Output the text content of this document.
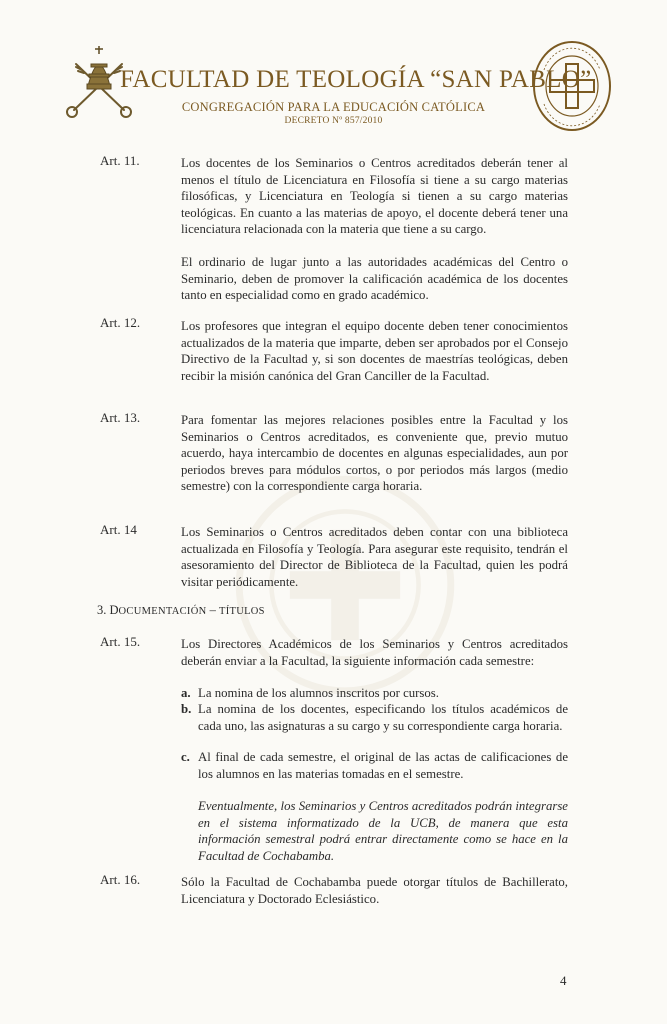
FACULTAD DE TEOLOGÍA “SAN PABLO”
CONGREGACIÓN PARA LA EDUCACIÓN CATÓLICA
DECRETO Nº 857/2010
Art. 11.	Los docentes de los Seminarios o Centros acreditados deberán tener al menos el título de Licenciatura en Filosofía si tiene a su cargo materias filosóficas, y Licenciatura en Teología si tienen a su cargo materias teológicas. En cuanto a las materias de apoyo, el docente deberá tener una licenciatura relacionada con la materia que tiene a su cargo.

El ordinario de lugar junto a las autoridades académicas del Centro o Seminario, deben de promover la calificación académica de los docentes tanto en especialidad como en grado académico.

Art. 12.	Los profesores que integran el equipo docente deben tener conocimientos actualizados de la materia que imparte, deben ser aprobados por el Consejo Directivo de la Facultad y, si son docentes de maestrías teológicas, deben recibir la misión canónica del Gran Canciller de la Facultad.

Art. 13.	Para fomentar las mejores relaciones posibles entre la Facultad y los Seminarios o Centros acreditados, es conveniente que, previo mutuo acuerdo, haya intercambio de docentes en algunas especialidades, aun por periodos breves para módulos cortos, o por periodos más largos (medio semestre) con la correspondiente carga horaria.

Art. 14	Los Seminarios o Centros acreditados deben contar con una biblioteca actualizada en Filosofía y Teología. Para asegurar este requisito, tendrán el asesoramiento del Director de Biblioteca de la Facultad, quien les podrá visitar periódicamente.

3. DOCUMENTACIÓN – TÍTULOS
Art. 15.	Los Directores Académicos de los Seminarios y Centros acreditados deberán enviar a la Facultad, la siguiente información cada semestre:

a. La nomina de los alumnos inscritos por cursos.
b. La nomina de los docentes, especificando los títulos académicos de cada uno, las asignaturas a su cargo y su correspondiente carga horaria.
c. Al final de cada semestre, el original de las actas de calificaciones de los alumnos en las materias tomadas en el semestre.

Eventualmente, los Seminarios y Centros acreditados podrán integrarse en el sistema informatizado de la UCB, de manera que esta información semestral podrá entrar directamente como se hace en la Facultad de Cochabamba.

Art. 16.	Sólo la Facultad de Cochabamba puede otorgar títulos de Bachillerato, Licenciatura y Doctorado Eclesiástico.

4
